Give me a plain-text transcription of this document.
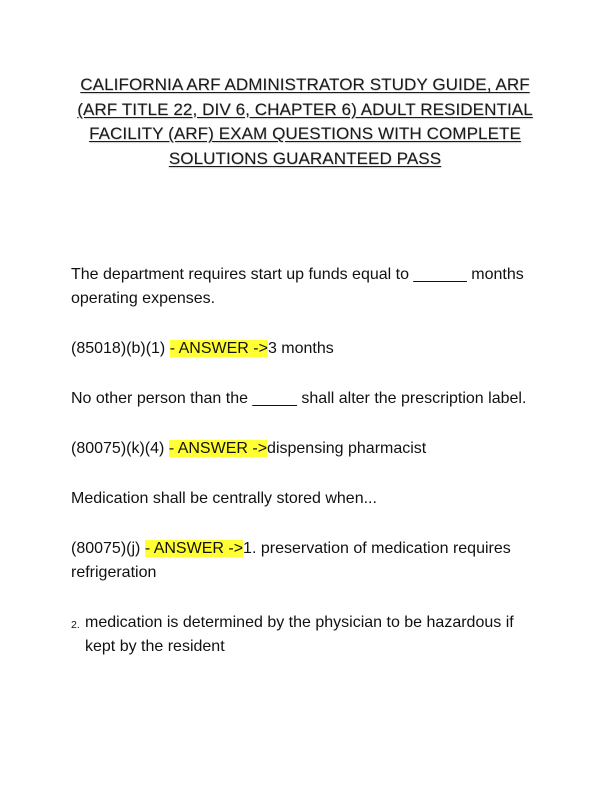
CALIFORNIA ARF ADMINISTRATOR STUDY GUIDE, ARF
(ARF TITLE 22, DIV 6, CHAPTER 6) ADULT RESIDENTIAL
FACILITY (ARF) EXAM QUESTIONS WITH COMPLETE
SOLUTIONS GUARANTEED PASS

The department requires start up funds equal to ______ months operating expenses.

(85018)(b)(1) - ANSWER ->3 months

No other person than the _____ shall alter the prescription label.

(80075)(k)(4) - ANSWER ->dispensing pharmacist

Medication shall be centrally stored when...

(80075)(j) - ANSWER ->1. preservation of medication requires refrigeration

2. medication is determined by the physician to be hazardous if kept by the resident
